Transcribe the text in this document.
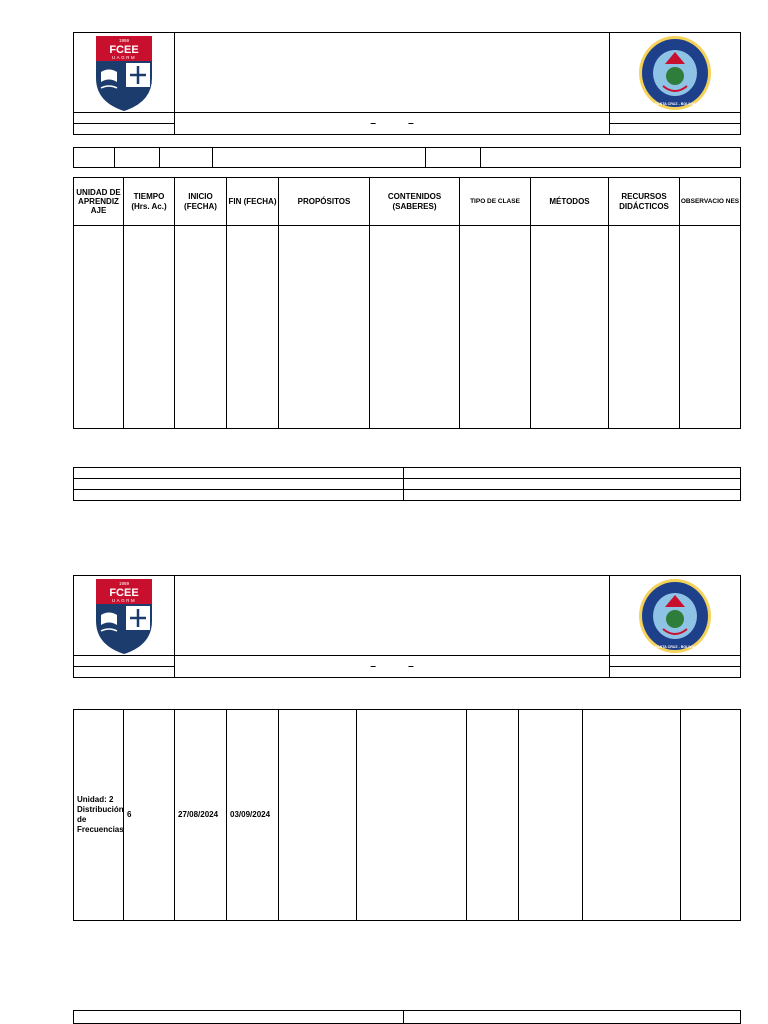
1959
FCEE
UAGRM		SANTA CRUZ - BOLIVIA

	– –	

UNIDAD DE APRENDIZ AJE	TIEMPO (Hrs. Ac.)	INICIO (FECHA)	FIN (FECHA)	PROPÓSITOS	CONTENIDOS (SABERES)	TIPO DE CLASE	MÉTODOS	RECURSOS DIDÁCTICOS	OBSERVACIO NES

1959
FCEE
UAGRM		SANTA CRUZ - BOLIVIA

	– –	

Unidad: 2 Distribución de Frecuencias	6	27/08/2024	03/09/2024						
